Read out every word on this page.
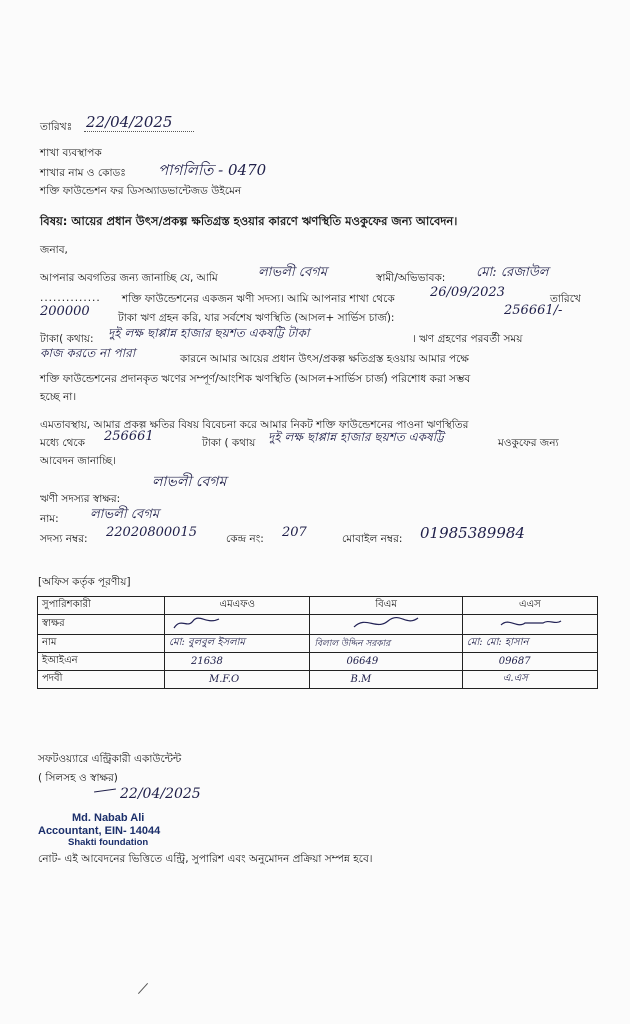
তারিখঃ 22/04/2025
শাখা ব্যবস্থাপক
শাখার নাম ও কোডঃ পাগলিতি - 0470
শক্তি ফাউন্ডেশন ফর ডিসঅ্যাডভান্টেজড উইমেন
বিষয়: আয়ের প্রধান উৎস/প্রকল্প ক্ষতিগ্রস্ত হওয়ার কারণে ঋণস্থিতি মওকুফের জন্য আবেদন।
জনাব,
আপনার অবগতির জন্য জানাচ্ছি যে, আমি	লাভলী বেগম	স্বামী/অভিভাবক: মো: রেজাউল
.............. শক্তি ফাউন্ডেশনের একজন ঋণী সদস্য। আমি আপনার শাখা থেকে	26/09/2023	তারিখে
200000	টাকা ঋণ গ্রহন করি, যার সর্বশেষ ঋণস্থিতি (আসল+ সার্ভিস চার্জ):	256661/-
টাকা( কথায়: দুই লক্ষ ছাপ্পান্ন হাজার ছয়শত একষট্টি টাকা	। ঋণ গ্রহণের পরবর্তী সময়
কাজ করতে না পারা	কারনে আমার আয়ের প্রধান উৎস/প্রকল্প ক্ষতিগ্রস্ত হওয়ায় আমার পক্ষে
শক্তি ফাউন্ডেশনের প্রদানকৃত ঋণের সম্পূর্ণ/আংশিক ঋণস্থিতি (আসল+সার্ভিস চার্জ) পরিশোধ করা সম্ভব
হচ্ছে না।
এমতাবস্থায়, আমার প্রকল্প ক্ষতির বিষয় বিবেচনা করে আমার নিকট শক্তি ফাউন্ডেশনের পাওনা ঋণস্থিতির
মধ্যে থেকে 256661	টাকা ( কথায় দুই লক্ষ ছাপ্পান্ন হাজার ছয়শত একষট্টি	মওকুফের জন্য
আবেদন জানাচ্ছি।
লাভলী বেগম
ঋণী সদস্যর স্বাক্ষর:
নাম: লাভলী বেগম
সদস্য নম্বর: 22020800015	কেন্দ্র নং: 207	মোবাইল নম্বর: 01985389984
[অফিস কর্তৃক পূরণীয়]
সুপারিশকারী	এমএফও	বিএম	এএস
স্বাক্ষর			
নাম	মো: বুলবুল ইসলাম	বিলাল উদ্দিন সরকার	মো: মো: হাসান
ইআইএন	21638	06649	09687
পদবী	M.F.O	B.M	এ.এস
সফটওয়্যারে এন্ট্রিকারী একাউন্টেন্ট
( সিলসহ ও স্বাক্ষর)
22/04/2025
Md. Nabab Ali
Accountant, EIN- 14044
Shakti foundation
নোট- এই আবেদনের ভিত্তিতে এন্ট্রি, সুপারিশ এবং অনুমোদন প্রক্রিয়া সম্পন্ন হবে।
